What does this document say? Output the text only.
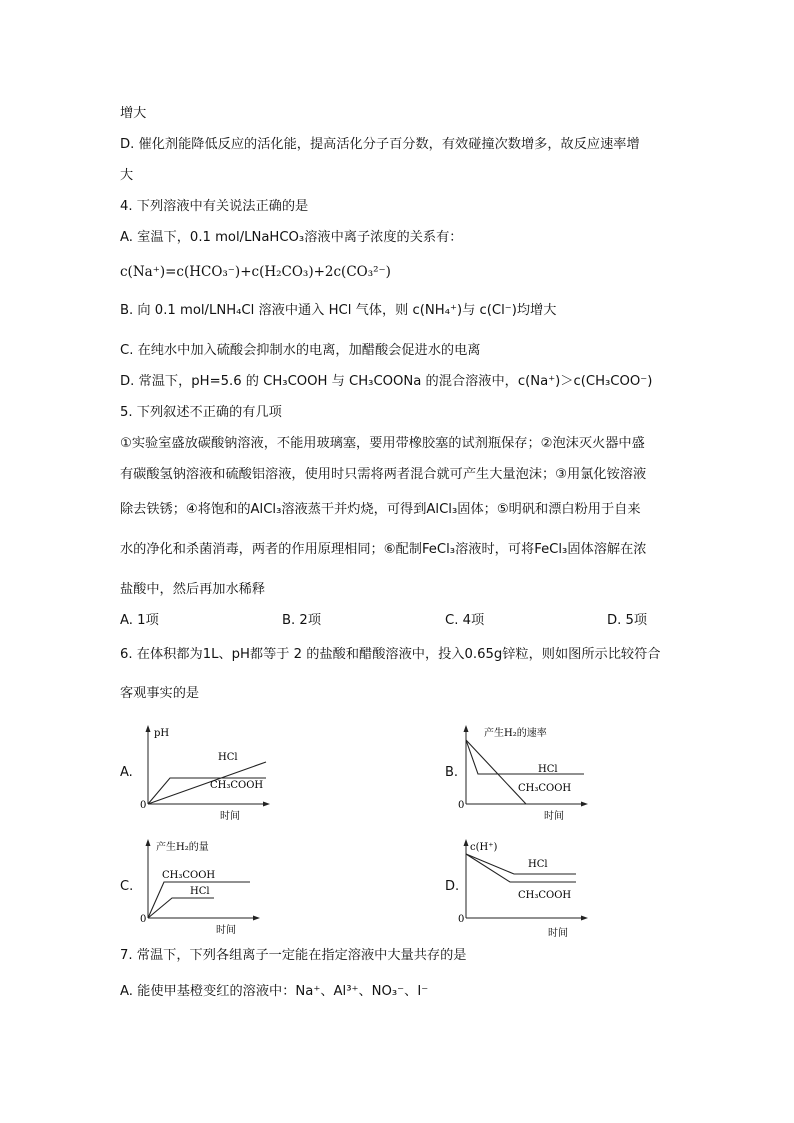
增大
D. 催化剂能降低反应的活化能，提高活化分子百分数，有效碰撞次数增多，故反应速率增
大
4. 下列溶液中有关说法正确的是
A. 室温下，0.1 mol/LNaHCO₃溶液中离子浓度的关系有：
c(Na⁺)=c(HCO₃⁻)+c(H₂CO₃)+2c(CO₃²⁻)
B. 向 0.1 mol/LNH₄Cl 溶液中通入 HCl 气体，则 c(NH₄⁺)与 c(Cl⁻)均增大
C. 在纯水中加入硫酸会抑制水的电离，加醋酸会促进水的电离
D. 常温下，pH=5.6 的 CH₃COOH 与 CH₃COONa 的混合溶液中，c(Na⁺)＞c(CH₃COO⁻)
5. 下列叙述不正确的有几项
①实验室盛放碳酸钠溶液，不能用玻璃塞，要用带橡胶塞的试剂瓶保存；②泡沫灭火器中盛
有碳酸氢钠溶液和硫酸铝溶液，使用时只需将两者混合就可产生大量泡沫；③用氯化铵溶液
除去铁锈；④将饱和的AlCl₃溶液蒸干并灼烧，可得到AlCl₃固体；⑤明矾和漂白粉用于自来
水的净化和杀菌消毒，两者的作用原理相同；⑥配制FeCl₃溶液时，可将FeCl₃固体溶解在浓
盐酸中，然后再加水稀释
A. 1项	B. 2项	C. 4项	D. 5项
6. 在体积都为1L、pH都等于 2 的盐酸和醋酸溶液中，投入0.65g锌粒，则如图所示比较符合
客观事实的是
A.
pH
0
时间
HCl
CH₃COOH
B.
产生H₂的速率
0
时间
HCl
CH₃COOH
C.
产生H₂的量
0
时间
CH₃COOH
HCl	D.
c(H⁺)
0
时间
HCl
CH₃COOH
7. 常温下，下列各组离子一定能在指定溶液中大量共存的是
A. 能使甲基橙变红的溶液中：Na⁺、Al³⁺、NO₃⁻、I⁻
